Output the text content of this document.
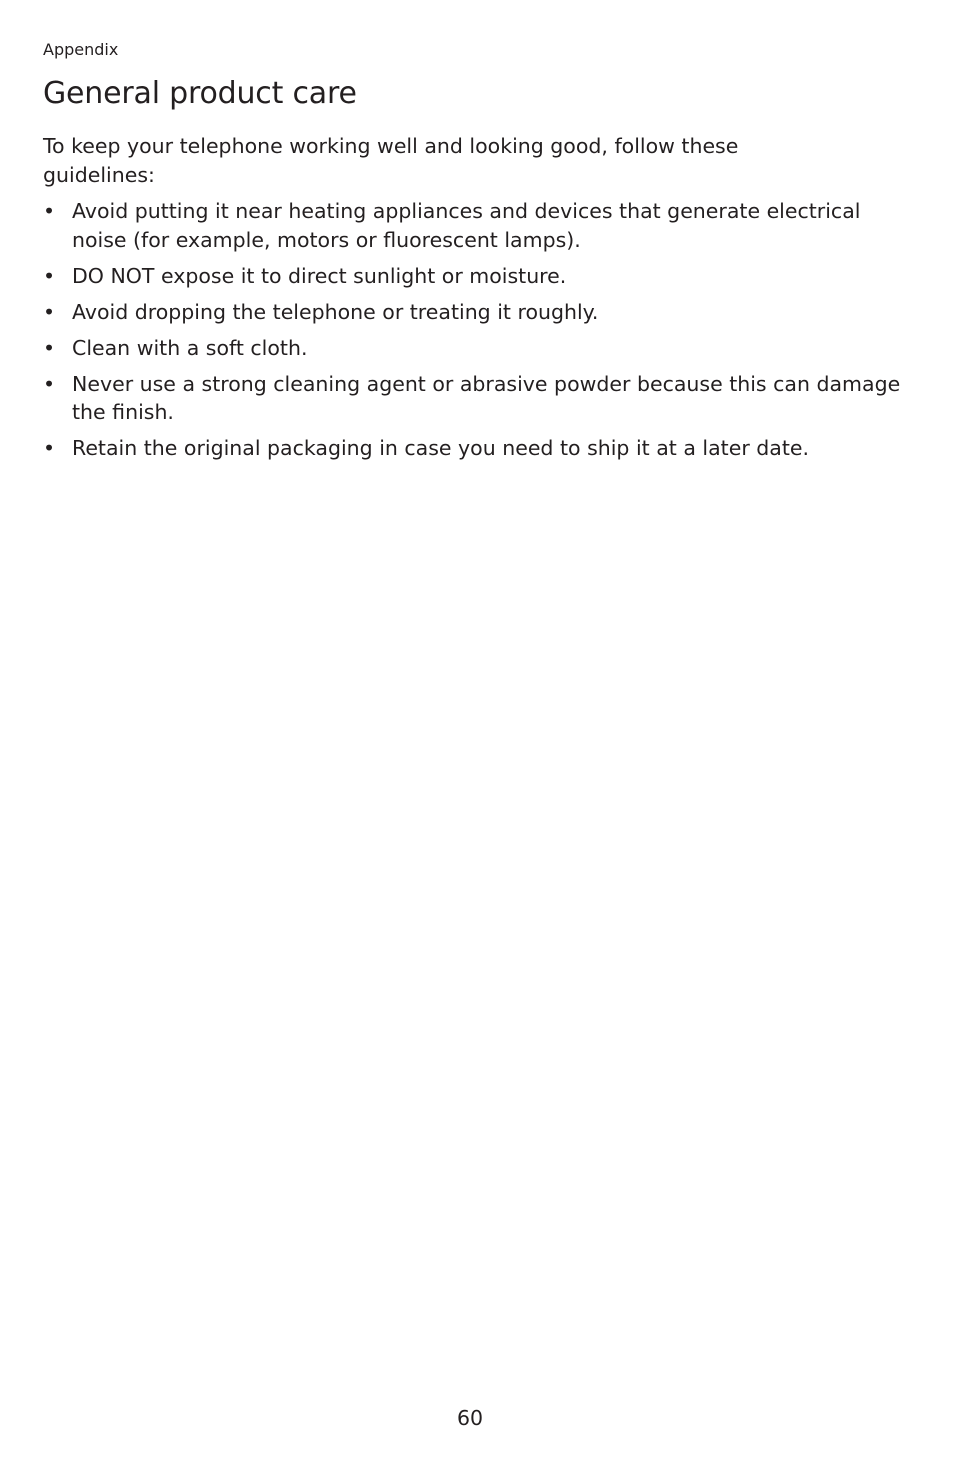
Appendix
General product care

To keep your telephone working well and looking good, follow these guidelines:

• Avoid putting it near heating appliances and devices that generate electrical noise (for example, motors or fluorescent lamps).
• DO NOT expose it to direct sunlight or moisture.
• Avoid dropping the telephone or treating it roughly.
• Clean with a soft cloth.
• Never use a strong cleaning agent or abrasive powder because this can damage the finish.
• Retain the original packaging in case you need to ship it at a later date.
60
